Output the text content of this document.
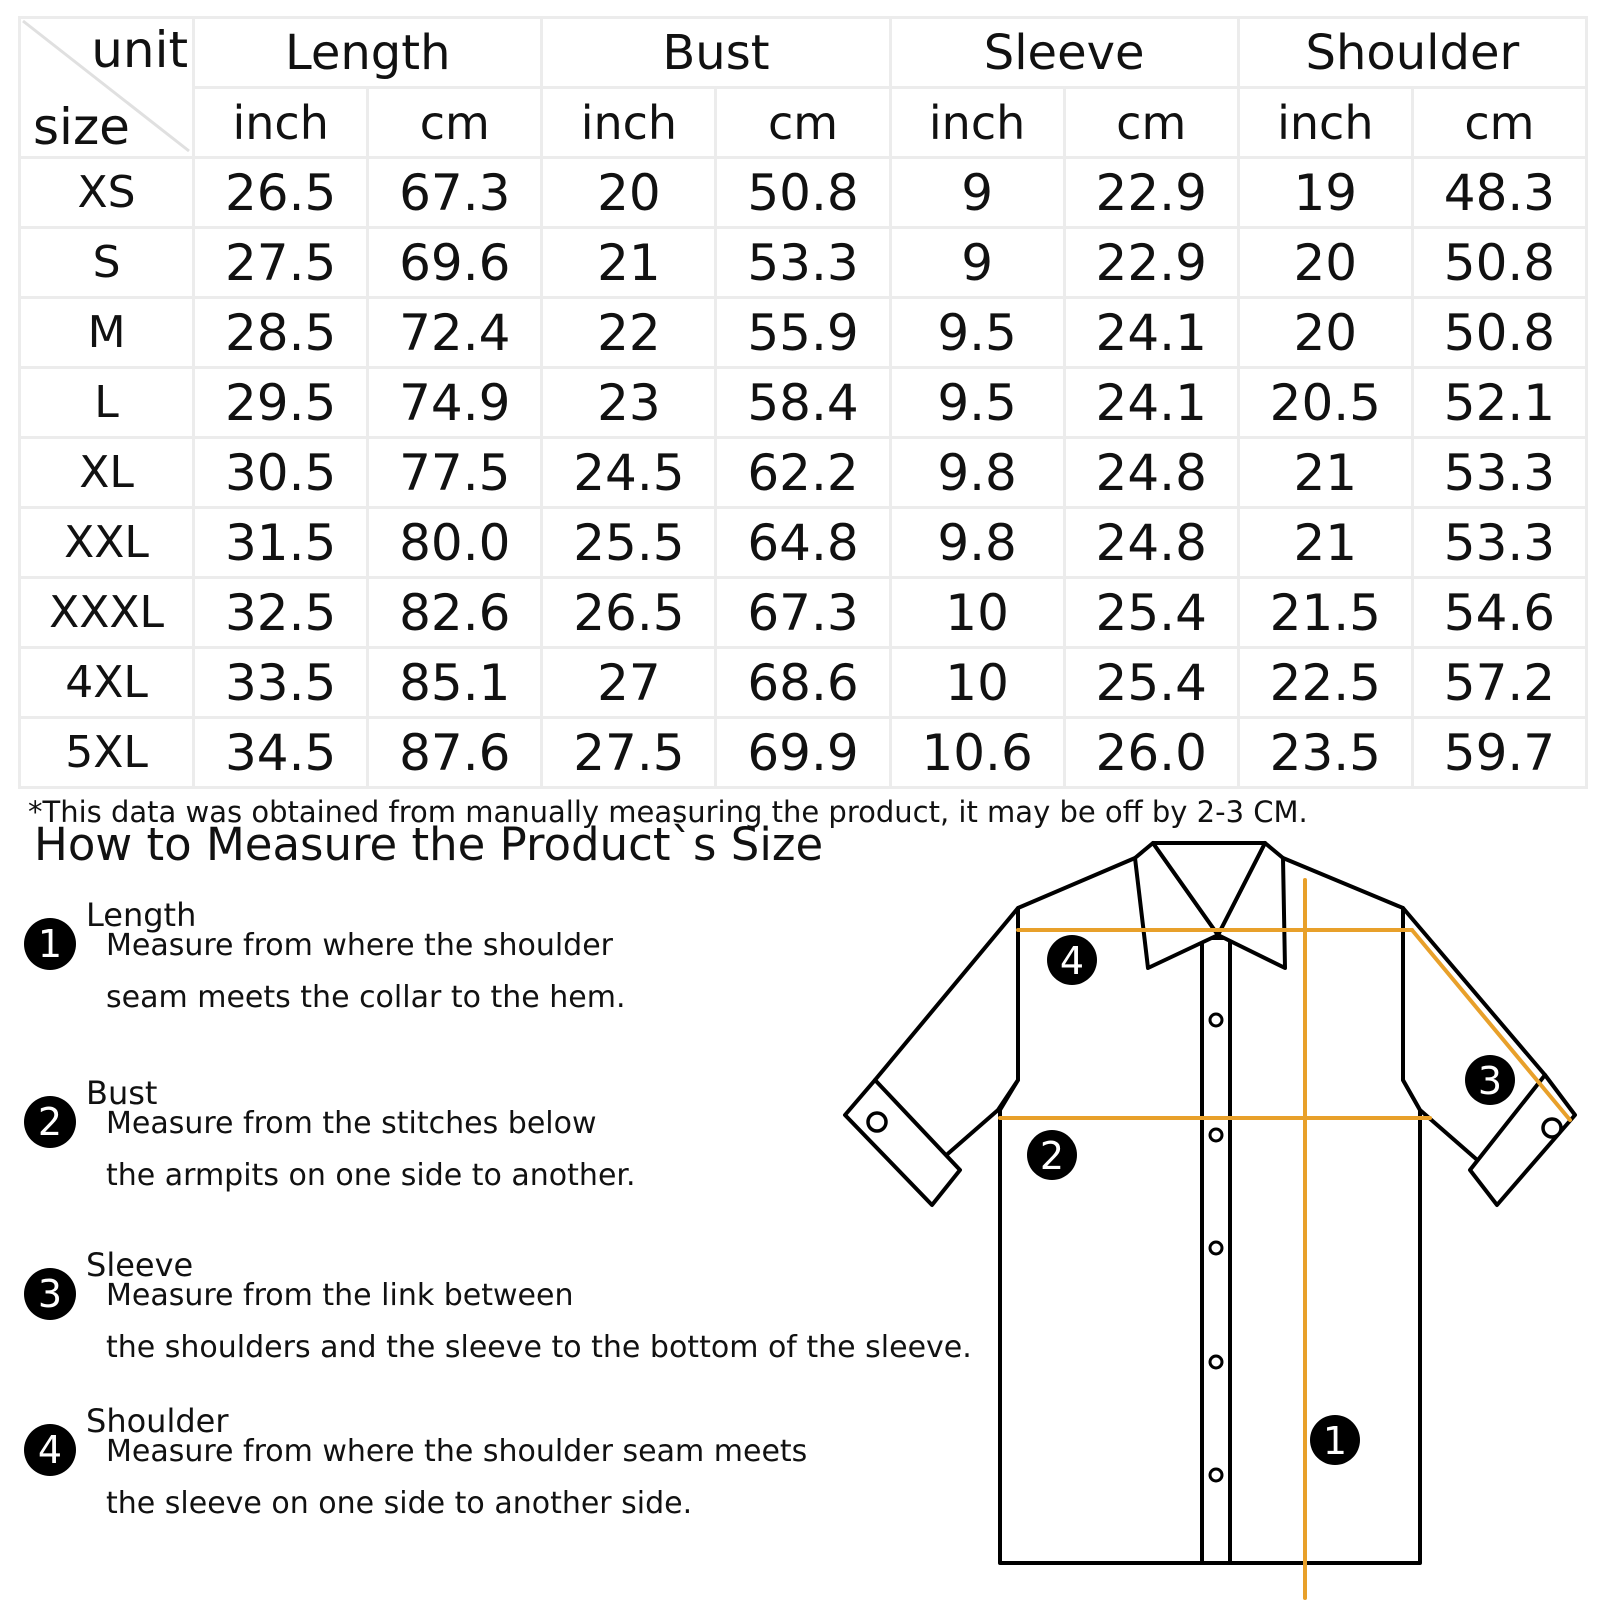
unit
size	Length		Bust		Sleeve		Shoulder	
	inch	cm	inch	cm	inch	cm	inch	cm
XS	26.5	67.3	20	50.8	9	22.9	19	48.3
S	27.5	69.6	21	53.3	9	22.9	20	50.8
M	28.5	72.4	22	55.9	9.5	24.1	20	50.8
L	29.5	74.9	23	58.4	9.5	24.1	20.5	52.1
XL	30.5	77.5	24.5	62.2	9.8	24.8	21	53.3
XXL	31.5	80.0	25.5	64.8	9.8	24.8	21	53.3
XXXL	32.5	82.6	26.5	67.3	10	25.4	21.5	54.6
4XL	33.5	85.1	27	68.6	10	25.4	22.5	57.2
5XL	34.5	87.6	27.5	69.9	10.6	26.0	23.5	59.7
*This data was obtained from manually measuring the product, it may be off by 2-3 CM.
How to Measure the Product`s Size
1
Length
Measure from where the shoulder
seam meets the collar to the hem.
2
Bust
Measure from the stitches below
the armpits on one side to another.
3
Sleeve
Measure from the link between
the shoulders and the sleeve to the bottom of the sleeve.
4
Shoulder
Measure from where the shoulder seam meets
the sleeve on one side to another side.
4
3
2
1
